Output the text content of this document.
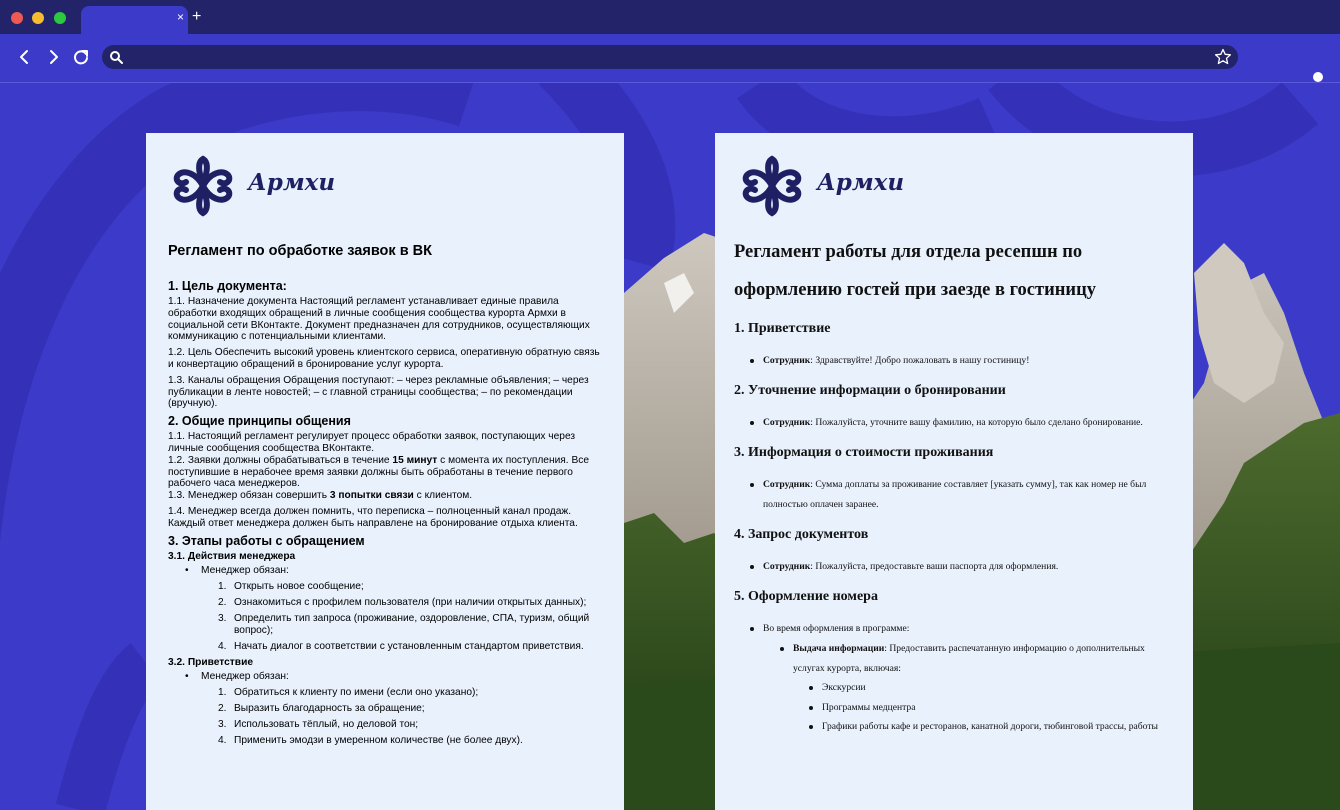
× +
Армхи
Регламент по обработке заявок в ВК
1. Цель документа:

1.1. Назначение документа Настоящий регламент устанавливает единые правила обработки входящих обращений в личные сообщения сообщества курорта Армхи в социальной сети ВКонтакте. Документ предназначен для сотрудников, осуществляющих коммуникацию с потенциальными клиентами.

1.2. Цель Обеспечить высокий уровень клиентского сервиса, оперативную обратную связь и конвертацию обращений в бронирование услуг курорта.

1.3. Каналы обращения Обращения поступают: – через рекламные объявления; – через публикации в ленте новостей; – с главной страницы сообщества; – по рекомендации (вручную).

2. Общие принципы общения

1.1. Настоящий регламент регулирует процесс обработки заявок, поступающих через личные сообщения сообщества ВКонтакте.

1.2. Заявки должны обрабатываться в течение 15 минут с момента их поступления. Все поступившие в нерабочее время заявки должны быть обработаны в течение первого рабочего часа менеджеров.

1.3. Менеджер обязан совершить 3 попытки связи с клиентом.

1.4. Менеджер всегда должен помнить, что переписка – полноценный канал продаж. Каждый ответ менеджера должен быть направлене на бронирование отдыха клиента.

3. Этапы работы с обращением
3.1. Действия менеджера
• Менеджер обязан:
1. Открыть новое сообщение;
2. Ознакомиться с профилем пользователя (при наличии открытых данных);
3. Определить тип запроса (проживание, оздоровление, СПА, туризм, общий вопрос);
4. Начать диалог в соответствии с установленным стандартом приветствия.
3.2. Приветствие
• Менеджер обязан:
1. Обратиться к клиенту по имени (если оно указано);
2. Выразить благодарность за обращение;
3. Использовать тёплый, но деловой тон;
4. Применить эмодзи в умеренном количестве (не более двух).
Армхи
Регламент работы для отдела ресепшн по оформлению гостей при заезде в гостиницу
1. Приветствие

Сотрудник: Здравствуйте! Добро пожаловать в нашу гостиницу!

2. Уточнение информации о бронировании

Сотрудник: Пожалуйста, уточните вашу фамилию, на которую было сделано бронирование.

3. Информация о стоимости проживания

Сотрудник: Сумма доплаты за проживание составляет [указать сумму], так как номер не был полностью оплачен заранее.

4. Запрос документов

Сотрудник: Пожалуйста, предоставьте ваши паспорта для оформления.

5. Оформление номера

Во время оформления в программе:

Выдача информации: Предоставить распечатанную информацию о дополнительных услугах курорта, включая:

Экскурсии

Программы медцентра

Графики работы кафе и ресторанов, канатной дороги, тюбинговой трассы, работы
